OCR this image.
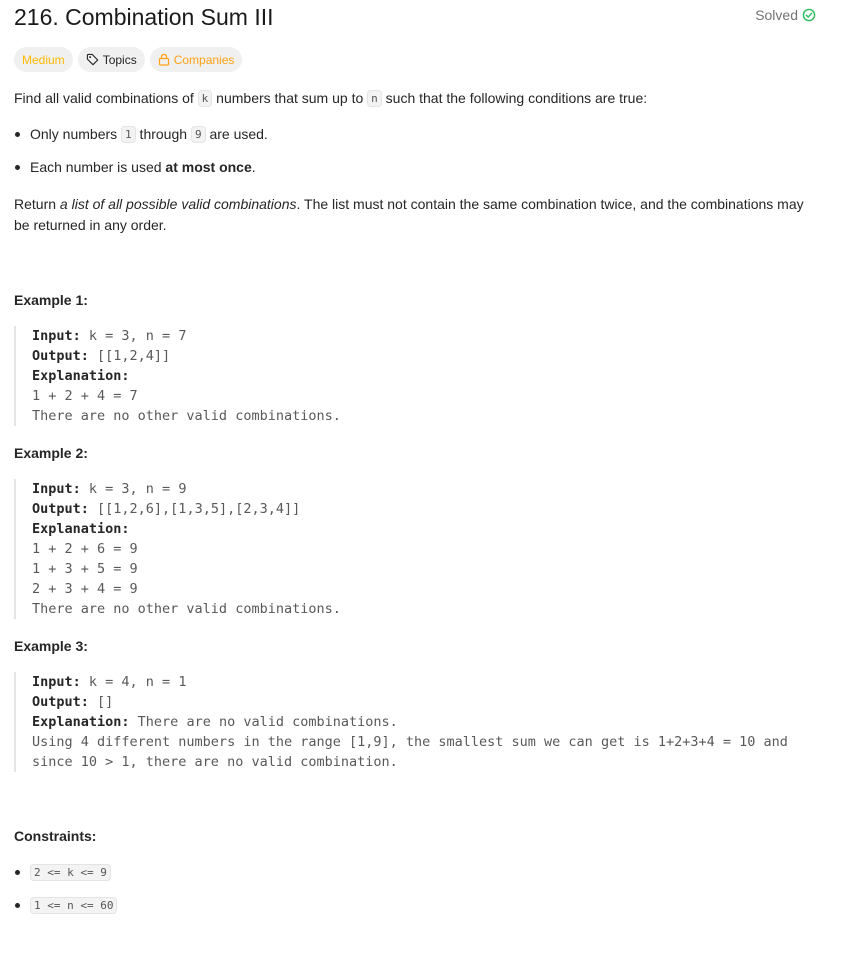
216. Combination Sum III	Solved
Medium	Topics	Companies

Find all valid combinations of k numbers that sum up to n such that the following conditions are true:

Only numbers 1 through 9 are used.
Each number is used at most once.

Return a list of all possible valid combinations. The list must not contain the same combination twice, and the combinations may be returned in any order.

Example 1:
Input: k = 3, n = 7
Output: [[1,2,4]]
Explanation:
1 + 2 + 4 = 7
There are no other valid combinations.
Example 2:
Input: k = 3, n = 9
Output: [[1,2,6],[1,3,5],[2,3,4]]
Explanation:
1 + 2 + 6 = 9
1 + 3 + 5 = 9
2 + 3 + 4 = 9
There are no other valid combinations.
Example 3:
Input: k = 4, n = 1
Output: []
Explanation: There are no valid combinations.
Using 4 different numbers in the range [1,9], the smallest sum we can get is 1+2+3+4 = 10 and
since 10 > 1, there are no valid combination.
Constraints:
2 <= k <= 9
1 <= n <= 60
